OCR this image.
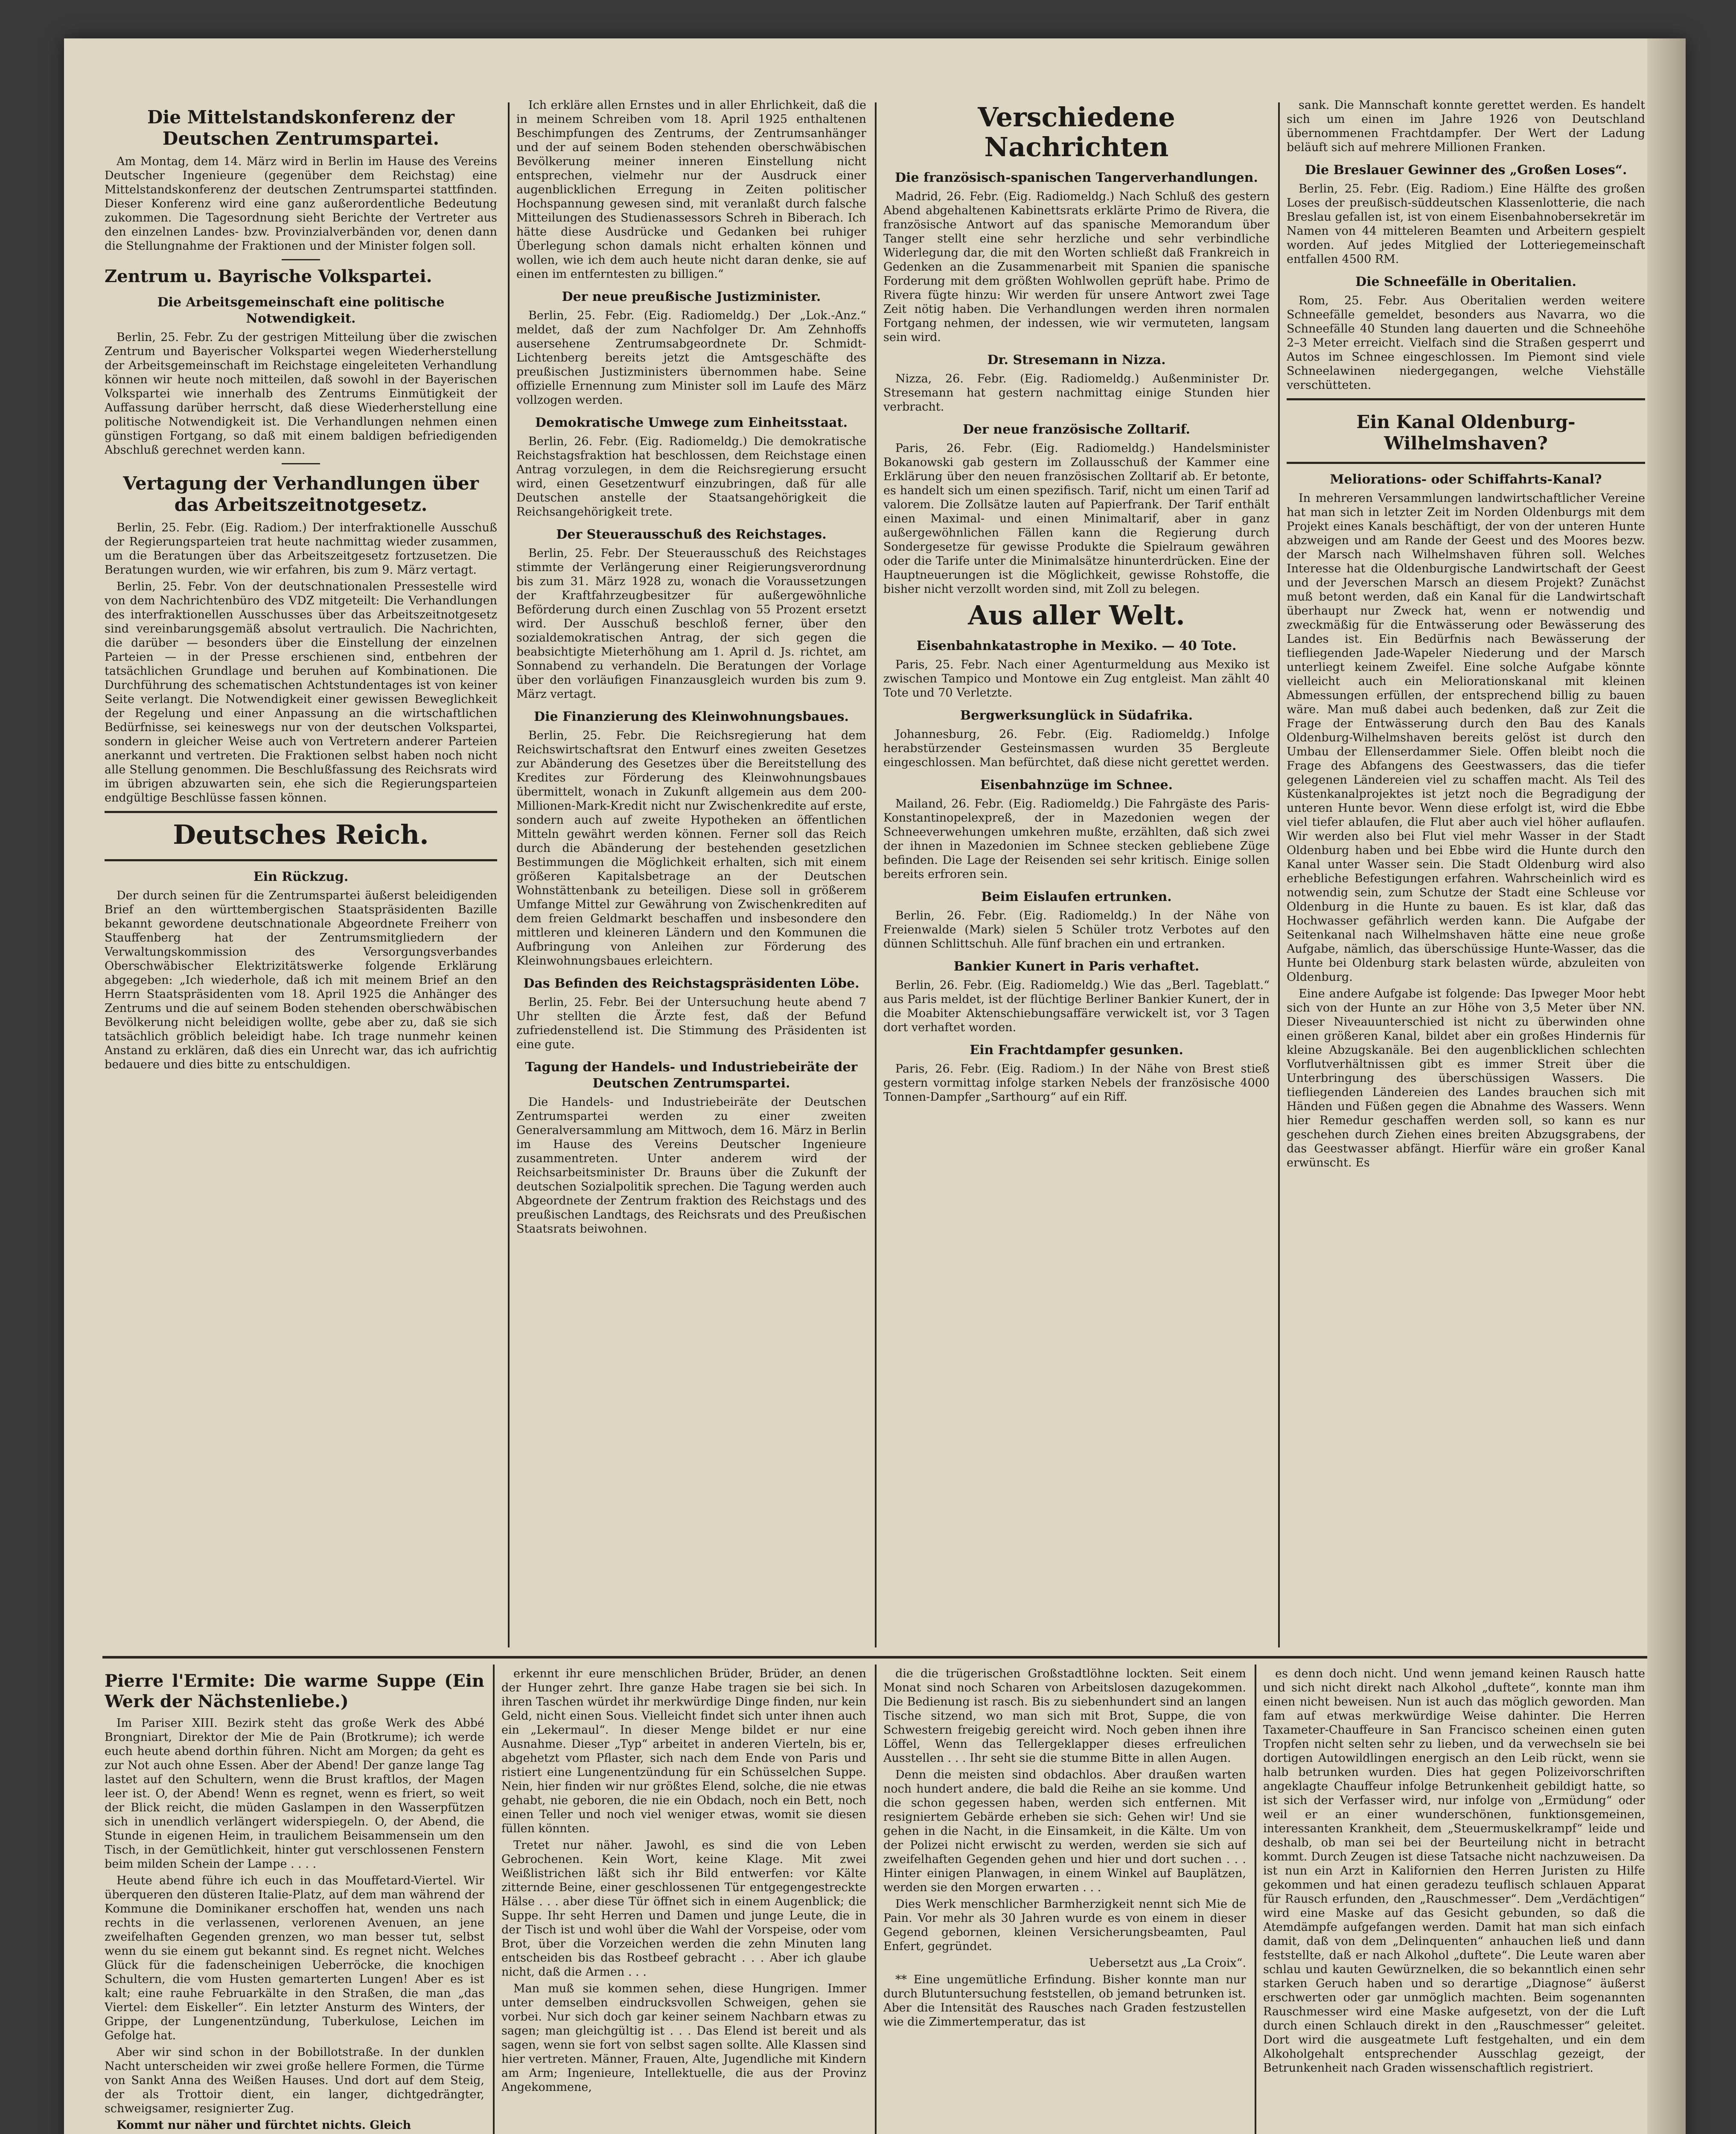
Die Mittelstandskonferenz der Deutschen Zentrumspartei.

Am Montag, dem 14. März wird in Berlin im Hause des Vereins Deutscher Ingenieure (gegenüber dem Reichstag) eine Mittelstandskonferenz der deutschen Zentrumspartei stattfinden. Dieser Konferenz wird eine ganz außerordentliche Bedeutung zukommen. Die Tagesordnung sieht Berichte der Vertreter aus den einzelnen Landes- bzw. Provinzialverbänden vor, denen dann die Stellungnahme der Fraktionen und der Minister folgen soll.

Zentrum u. Bayrische Volkspartei.
Die Arbeitsgemeinschaft eine politische Notwendigkeit.

Berlin, 25. Febr. Zu der gestrigen Mitteilung über die zwischen Zentrum und Bayerischer Volkspartei wegen Wiederherstellung der Arbeitsgemeinschaft im Reichstage eingeleiteten Verhandlung können wir heute noch mitteilen, daß sowohl in der Bayerischen Volkspartei wie innerhalb des Zentrums Einmütigkeit der Auffassung darüber herrscht, daß diese Wiederherstellung eine politische Notwendigkeit ist. Die Verhandlungen nehmen einen günstigen Fortgang, so daß mit einem baldigen befriedigenden Abschluß gerechnet werden kann.

Vertagung der Verhandlungen über das Arbeitszeitnotgesetz.

Berlin, 25. Febr. (Eig. Radiom.) Der interfraktionelle Ausschuß der Regierungsparteien trat heute nachmittag wieder zusammen, um die Beratungen über das Arbeitszeitgesetz fortzusetzen. Die Beratungen wurden, wie wir erfahren, bis zum 9. März vertagt.

Berlin, 25. Febr. Von der deutschnationalen Pressestelle wird von dem Nachrichtenbüro des VDZ mitgeteilt: Die Verhandlungen des interfraktionellen Ausschusses über das Arbeitszeitnotgesetz sind vereinbarungsgemäß absolut vertraulich. Die Nachrichten, die darüber — besonders über die Einstellung der einzelnen Parteien — in der Presse erschienen sind, entbehren der tatsächlichen Grundlage und beruhen auf Kombinationen. Die Durchführung des schematischen Achtstundentages ist von keiner Seite verlangt. Die Notwendigkeit einer gewissen Beweglichkeit der Regelung und einer Anpassung an die wirtschaftlichen Bedürfnisse, sei keineswegs nur von der deutschen Volkspartei, sondern in gleicher Weise auch von Vertretern anderer Parteien anerkannt und vertreten. Die Fraktionen selbst haben noch nicht alle Stellung genommen. Die Beschlußfassung des Reichsrats wird im übrigen abzuwarten sein, ehe sich die Regierungsparteien endgültige Beschlüsse fassen können.

Deutsches Reich.
Ein Rückzug.

Der durch seinen für die Zentrumspartei äußerst beleidigenden Brief an den württembergischen Staatspräsidenten Bazille bekannt gewordene deutschnationale Abgeordnete Freiherr von Stauffenberg hat der Zentrumsmitgliedern der Verwaltungskommission des Versorgungsverbandes Oberschwäbischer Elektrizitätswerke folgende Erklärung abgegeben: „Ich wiederhole, daß ich mit meinem Brief an den Herrn Staatspräsidenten vom 18. April 1925 die Anhänger des Zentrums und die auf seinem Boden stehenden oberschwäbischen Bevölkerung nicht beleidigen wollte, gebe aber zu, daß sie sich tatsächlich gröblich beleidigt habe. Ich trage nunmehr keinen Anstand zu erklären, daß dies ein Unrecht war, das ich aufrichtig bedauere und dies bitte zu entschuldigen.

Ich erkläre allen Ernstes und in aller Ehrlichkeit, daß die in meinem Schreiben vom 18. April 1925 enthaltenen Beschimpfungen des Zentrums, der Zentrumsanhänger und der auf seinem Boden stehenden oberschwäbischen Bevölkerung meiner inneren Einstellung nicht entsprechen, vielmehr nur der Ausdruck einer augenblicklichen Erregung in Zeiten politischer Hochspannung gewesen sind, mit veranlaßt durch falsche Mitteilungen des Studienassessors Schreh in Biberach. Ich hätte diese Ausdrücke und Gedanken bei ruhiger Überlegung schon damals nicht erhalten können und wollen, wie ich dem auch heute nicht daran denke, sie auf einen im entferntesten zu billigen.“

Der neue preußische Justizminister.

Berlin, 25. Febr. (Eig. Radiomeldg.) Der „Lok.-Anz.“ meldet, daß der zum Nachfolger Dr. Am Zehnhoffs ausersehene Zentrumsabgeordnete Dr. Schmidt-Lichtenberg bereits jetzt die Amtsgeschäfte des preußischen Justizministers übernommen habe. Seine offizielle Ernennung zum Minister soll im Laufe des März vollzogen werden.

Demokratische Umwege zum Einheitsstaat.

Berlin, 26. Febr. (Eig. Radiomeldg.) Die demokratische Reichstagsfraktion hat beschlossen, dem Reichstage einen Antrag vorzulegen, in dem die Reichsregierung ersucht wird, einen Gesetzentwurf einzubringen, daß für alle Deutschen anstelle der Staatsangehörigkeit die Reichsangehörigkeit trete.

Der Steuerausschuß des Reichstages.

Berlin, 25. Febr. Der Steuerausschuß des Reichstages stimmte der Verlängerung einer Reigierungsverordnung bis zum 31. März 1928 zu, wonach die Voraussetzungen der Kraftfahrzeugbesitzer für außergewöhnliche Beförderung durch einen Zuschlag von 55 Prozent ersetzt wird. Der Ausschuß beschloß ferner, über den sozialdemokratischen Antrag, der sich gegen die beabsichtigte Mieterhöhung am 1. April d. Js. richtet, am Sonnabend zu verhandeln. Die Beratungen der Vorlage über den vorläufigen Finanzausgleich wurden bis zum 9. März vertagt.

Die Finanzierung des Kleinwohnungsbaues.

Berlin, 25. Febr. Die Reichsregierung hat dem Reichswirtschaftsrat den Entwurf eines zweiten Gesetzes zur Abänderung des Gesetzes über die Bereitstellung des Kredites zur Förderung des Kleinwohnungsbaues übermittelt, wonach in Zukunft allgemein aus dem 200-Millionen-Mark-Kredit nicht nur Zwischenkredite auf erste, sondern auch auf zweite Hypotheken an öffentlichen Mitteln gewährt werden können. Ferner soll das Reich durch die Abänderung der bestehenden gesetzlichen Bestimmungen die Möglichkeit erhalten, sich mit einem größeren Kapitalsbetrage an der Deutschen Wohnstättenbank zu beteiligen. Diese soll in größerem Umfange Mittel zur Gewährung von Zwischenkrediten auf dem freien Geldmarkt beschaffen und insbesondere den mittleren und kleineren Ländern und den Kommunen die Aufbringung von Anleihen zur Förderung des Kleinwohnungsbaues erleichtern.

Das Befinden des Reichstagspräsidenten Löbe.

Berlin, 25. Febr. Bei der Untersuchung heute abend 7 Uhr stellten die Ärzte fest, daß der Befund zufriedenstellend ist. Die Stimmung des Präsidenten ist eine gute.

Tagung der Handels- und Industriebeiräte der Deutschen Zentrumspartei.

Die Handels- und Industriebeiräte der Deutschen Zentrumspartei werden zu einer zweiten Generalversammlung am Mittwoch, dem 16. März in Berlin im Hause des Vereins Deutscher Ingenieure zusammentreten. Unter anderem wird der Reichsarbeitsminister Dr. Brauns über die Zukunft der deutschen Sozialpolitik sprechen. Die Tagung werden auch Abgeordnete der Zentrum fraktion des Reichstags und des preußischen Landtags, des Reichsrats und des Preußischen Staatsrats beiwohnen.

Verschiedene Nachrichten
Die französisch-spanischen Tangerverhandlungen.

Madrid, 26. Febr. (Eig. Radiomeldg.) Nach Schluß des gestern Abend abgehaltenen Kabinettsrats erklärte Primo de Rivera, die französische Antwort auf das spanische Memorandum über Tanger stellt eine sehr herzliche und sehr verbindliche Widerlegung dar, die mit den Worten schließt daß Frankreich in Gedenken an die Zusammenarbeit mit Spanien die spanische Forderung mit dem größten Wohlwollen geprüft habe. Primo de Rivera fügte hinzu: Wir werden für unsere Antwort zwei Tage Zeit nötig haben. Die Verhandlungen werden ihren normalen Fortgang nehmen, der indessen, wie wir vermuteten, langsam sein wird.

Dr. Stresemann in Nizza.

Nizza, 26. Febr. (Eig. Radiomeldg.) Außenminister Dr. Stresemann hat gestern nachmittag einige Stunden hier verbracht.

Der neue französische Zolltarif.

Paris, 26. Febr. (Eig. Radiomeldg.) Handelsminister Bokanowski gab gestern im Zollausschuß der Kammer eine Erklärung über den neuen französischen Zolltarif ab. Er betonte, es handelt sich um einen spezifisch. Tarif, nicht um einen Tarif ad valorem. Die Zollsätze lauten auf Papierfrank. Der Tarif enthält einen Maximal- und einen Minimaltarif, aber in ganz außergewöhnlichen Fällen kann die Regierung durch Sondergesetze für gewisse Produkte die Spielraum gewähren oder die Tarife unter die Minimalsätze hinunterdrücken. Eine der Hauptneuerungen ist die Möglichkeit, gewisse Rohstoffe, die bisher nicht verzollt worden sind, mit Zoll zu belegen.

Aus aller Welt.
Eisenbahnkatastrophe in Mexiko. — 40 Tote.

Paris, 25. Febr. Nach einer Agenturmeldung aus Mexiko ist zwischen Tampico und Montowe ein Zug entgleist. Man zählt 40 Tote und 70 Verletzte.

Bergwerksunglück in Südafrika.

Johannesburg, 26. Febr. (Eig. Radiomeldg.) Infolge herabstürzender Gesteinsmassen wurden 35 Bergleute eingeschlossen. Man befürchtet, daß diese nicht gerettet werden.

Eisenbahnzüge im Schnee.

Mailand, 26. Febr. (Eig. Radiomeldg.) Die Fahrgäste des Paris-Konstantinopelexpreß, der in Mazedonien wegen der Schneeverwehungen umkehren mußte, erzählten, daß sich zwei der ihnen in Mazedonien im Schnee stecken gebliebene Züge befinden. Die Lage der Reisenden sei sehr kritisch. Einige sollen bereits erfroren sein.

Beim Eislaufen ertrunken.

Berlin, 26. Febr. (Eig. Radiomeldg.) In der Nähe von Freienwalde (Mark) sielen 5 Schüler trotz Verbotes auf den dünnen Schlittschuh. Alle fünf brachen ein und ertranken.

Bankier Kunert in Paris verhaftet.

Berlin, 26. Febr. (Eig. Radiomeldg.) Wie das „Berl. Tageblatt.“ aus Paris meldet, ist der flüchtige Berliner Bankier Kunert, der in die Moabiter Aktenschiebungsaffäre verwickelt ist, vor 3 Tagen dort verhaftet worden.

Ein Frachtdampfer gesunken.

Paris, 26. Febr. (Eig. Radiom.) In der Nähe von Brest stieß gestern vormittag infolge starken Nebels der französische 4000 Tonnen-Dampfer „Sarthourg“ auf ein Riff.

sank. Die Mannschaft konnte gerettet werden. Es handelt sich um einen im Jahre 1926 von Deutschland übernommenen Frachtdampfer. Der Wert der Ladung beläuft sich auf mehrere Millionen Franken.

Die Breslauer Gewinner des „Großen Loses“.

Berlin, 25. Febr. (Eig. Radiom.) Eine Hälfte des großen Loses der preußisch-süddeutschen Klassenlotterie, die nach Breslau gefallen ist, ist von einem Eisenbahnobersekretär im Namen von 44 mitteleren Beamten und Arbeitern gespielt worden. Auf jedes Mitglied der Lotteriegemeinschaft entfallen 4500 RM.

Die Schneefälle in Oberitalien.

Rom, 25. Febr. Aus Oberitalien werden weitere Schneefälle gemeldet, besonders aus Navarra, wo die Schneefälle 40 Stunden lang dauerten und die Schneehöhe 2–3 Meter erreicht. Vielfach sind die Straßen gesperrt und Autos im Schnee eingeschlossen. Im Piemont sind viele Schneelawinen niedergegangen, welche Viehställe verschütteten.

Ein Kanal Oldenburg-Wilhelmshaven?
Meliorations- oder Schiffahrts-Kanal?

In mehreren Versammlungen landwirtschaftlicher Vereine hat man sich in letzter Zeit im Norden Oldenburgs mit dem Projekt eines Kanals beschäftigt, der von der unteren Hunte abzweigen und am Rande der Geest und des Moores bezw. der Marsch nach Wilhelmshaven führen soll. Welches Interesse hat die Oldenburgische Landwirtschaft der Geest und der Jeverschen Marsch an diesem Projekt? Zunächst muß betont werden, daß ein Kanal für die Landwirtschaft überhaupt nur Zweck hat, wenn er notwendig und zweckmäßig für die Entwässerung oder Bewässerung des Landes ist. Ein Bedürfnis nach Bewässerung der tiefliegenden Jade-Wapeler Niederung und der Marsch unterliegt keinem Zweifel. Eine solche Aufgabe könnte vielleicht auch ein Meliorationskanal mit kleinen Abmessungen erfüllen, der entsprechend billig zu bauen wäre. Man muß dabei auch bedenken, daß zur Zeit die Frage der Entwässerung durch den Bau des Kanals Oldenburg-Wilhelmshaven bereits gelöst ist durch den Umbau der Ellenserdammer Siele. Offen bleibt noch die Frage des Abfangens des Geestwassers, das die tiefer gelegenen Ländereien viel zu schaffen macht. Als Teil des Küstenkanalprojektes ist jetzt noch die Begradigung der unteren Hunte bevor. Wenn diese erfolgt ist, wird die Ebbe viel tiefer ablaufen, die Flut aber auch viel höher auflaufen. Wir werden also bei Flut viel mehr Wasser in der Stadt Oldenburg haben und bei Ebbe wird die Hunte durch den Kanal unter Wasser sein. Die Stadt Oldenburg wird also erhebliche Befestigungen erfahren. Wahrscheinlich wird es notwendig sein, zum Schutze der Stadt eine Schleuse vor Oldenburg in die Hunte zu bauen. Es ist klar, daß das Hochwasser gefährlich werden kann. Die Aufgabe der Seitenkanal nach Wilhelmshaven hätte eine neue große Aufgabe, nämlich, das überschüssige Hunte-Wasser, das die Hunte bei Oldenburg stark belasten würde, abzuleiten von Oldenburg.

Eine andere Aufgabe ist folgende: Das Ipweger Moor hebt sich von der Hunte an zur Höhe von 3,5 Meter über NN. Dieser Niveauunterschied ist nicht zu überwinden ohne einen größeren Kanal, bildet aber ein großes Hindernis für kleine Abzugskanäle. Bei den augenblicklichen schlechten Vorflutverhältnissen gibt es immer Streit über die Unterbringung des überschüssigen Wassers. Die tiefliegenden Ländereien des Landes brauchen sich mit Händen und Füßen gegen die Abnahme des Wassers. Wenn hier Remedur geschaffen werden soll, so kann es nur geschehen durch Ziehen eines breiten Abzugsgrabens, der das Geestwasser abfängt. Hierfür wäre ein großer Kanal erwünscht. Es

Pierre l'Ermite: Die warme Suppe (Ein Werk der Nächstenliebe.)

Im Pariser XIII. Bezirk steht das große Werk des Abbé Brongniart, Direktor der Mie de Pain (Brotkrume); ich werde euch heute abend dorthin führen. Nicht am Morgen; da geht es zur Not auch ohne Essen. Aber der Abend! Der ganze lange Tag lastet auf den Schultern, wenn die Brust kraftlos, der Magen leer ist. O, der Abend! Wenn es regnet, wenn es friert, so weit der Blick reicht, die müden Gaslampen in den Wasserpfützen sich in unendlich verlängert widerspiegeln. O, der Abend, die Stunde in eigenen Heim, in traulichem Beisammensein um den Tisch, in der Gemütlichkeit, hinter gut verschlossenen Fenstern beim milden Schein der Lampe . . . .

Heute abend führe ich euch in das Mouffetard-Viertel. Wir überqueren den düsteren Italie-Platz, auf dem man während der Kommune die Dominikaner erschoffen hat, wenden uns nach rechts in die verlassenen, verlorenen Avenuen, an jene zweifelhaften Gegenden grenzen, wo man besser tut, selbst wenn du sie einem gut bekannt sind. Es regnet nicht. Welches Glück für die fadenscheinigen Ueberröcke, die knochigen Schultern, die vom Husten gemarterten Lungen! Aber es ist kalt; eine rauhe Februarkälte in den Straßen, die man „das Viertel: dem Eiskeller“. Ein letzter Ansturm des Winters, der Grippe, der Lungenentzündung, Tuberkulose, Leichen im Gefolge hat.

Aber wir sind schon in der Bobillotstraße. In der dunklen Nacht unterscheiden wir zwei große hellere Formen, die Türme von Sankt Anna des Weißen Hauses. Und dort auf dem Steig, der als Trottoir dient, ein langer, dichtgedrängter, schweigsamer, resignierter Zug.

Kommt nur näher und fürchtet nichts. Gleich

erkennt ihr eure menschlichen Brüder, Brüder, an denen der Hunger zehrt. Ihre ganze Habe tragen sie bei sich. In ihren Taschen würdet ihr merkwürdige Dinge finden, nur kein Geld, nicht einen Sous. Vielleicht findet sich unter ihnen auch ein „Lekermaul“. In dieser Menge bildet er nur eine Ausnahme. Dieser „Typ“ arbeitet in anderen Vierteln, bis er, abgehetzt vom Pflaster, sich nach dem Ende von Paris und ristiert eine Lungenentzündung für ein Schüsselchen Suppe. Nein, hier finden wir nur größtes Elend, solche, die nie etwas gehabt, nie geboren, die nie ein Obdach, noch ein Bett, noch einen Teller und noch viel weniger etwas, womit sie diesen füllen könnten.

Tretet nur näher. Jawohl, es sind die von Leben Gebrochenen. Kein Wort, keine Klage. Mit zwei Weißlistrichen läßt sich ihr Bild entwerfen: vor Kälte zitternde Beine, einer geschlossenen Tür entgegengestreckte Hälse . . . aber diese Tür öffnet sich in einem Augenblick; die Suppe. Ihr seht Herren und Damen und junge Leute, die in der Tisch ist und wohl über die Wahl der Vorspeise, oder vom Brot, über die Vorzeichen werden die zehn Minuten lang entscheiden bis das Rostbeef gebracht . . . Aber ich glaube nicht, daß die Armen . . .

Man muß sie kommen sehen, diese Hungrigen. Immer unter demselben eindrucksvollen Schweigen, gehen sie vorbei. Nur sich doch gar keiner seinem Nachbarn etwas zu sagen; man gleichgültig ist . . . Das Elend ist bereit und als sagen, wenn sie fort von selbst sagen sollte. Alle Klassen sind hier vertreten. Männer, Frauen, Alte, Jugendliche mit Kindern am Arm; Ingenieure, Intellektuelle, die aus der Provinz Angekommene,

die die trügerischen Großstadtlöhne lockten. Seit einem Monat sind noch Scharen von Arbeitslosen dazugekommen. Die Bedienung ist rasch. Bis zu siebenhundert sind an langen Tische sitzend, wo man sich mit Brot, Suppe, die von Schwestern freigebig gereicht wird. Noch geben ihnen ihre Löffel, Wenn das Tellergeklapper dieses erfreulichen Ausstellen . . . Ihr seht sie die stumme Bitte in allen Augen.

Denn die meisten sind obdachlos. Aber draußen warten noch hundert andere, die bald die Reihe an sie komme. Und die schon gegessen haben, werden sich entfernen. Mit resigniertem Gebärde erheben sie sich: Gehen wir! Und sie gehen in die Nacht, in die Einsamkeit, in die Kälte. Um von der Polizei nicht erwischt zu werden, werden sie sich auf zweifelhaften Gegenden gehen und hier und dort suchen . . . Hinter einigen Planwagen, in einem Winkel auf Bauplätzen, werden sie den Morgen erwarten . . .

Dies Werk menschlicher Barmherzigkeit nennt sich Mie de Pain. Vor mehr als 30 Jahren wurde es von einem in dieser Gegend gebornen, kleinen Versicherungsbeamten, Paul Enfert, gegründet.

Uebersetzt aus „La Croix“.

** Eine ungemütliche Erfindung. Bisher konnte man nur durch Blutuntersuchung feststellen, ob jemand betrunken ist. Aber die Intensität des Rausches nach Graden festzustellen wie die Zimmertemperatur, das ist

es denn doch nicht. Und wenn jemand keinen Rausch hatte und sich nicht direkt nach Alkohol „duftete“, konnte man ihm einen nicht beweisen. Nun ist auch das möglich geworden. Man fam auf etwas merkwürdige Weise dahinter. Die Herren Taxameter-Chauffeure in San Francisco scheinen einen guten Tropfen nicht selten sehr zu lieben, und da verwechseln sie bei dortigen Autowildlingen energisch an den Leib rückt, wenn sie halb betrunken wurden. Dies hat gegen Polizeivorschriften angeklagte Chauffeur infolge Betrunkenheit gebildigt hatte, so ist sich der Verfasser wird, nur infolge von „Ermüdung“ oder weil er an einer wunderschönen, funktionsgemeinen, interessanten Krankheit, dem „Steuermuskelkrampf“ leide und deshalb, ob man sei bei der Beurteilung nicht in betracht kommt. Durch Zeugen ist diese Tatsache nicht nachzuweisen. Da ist nun ein Arzt in Kalifornien den Herren Juristen zu Hilfe gekommen und hat einen geradezu teuflisch schlauen Apparat für Rausch erfunden, den „Rauschmesser“. Dem „Verdächtigen“ wird eine Maske auf das Gesicht gebunden, so daß die Atemdämpfe aufgefangen werden. Damit hat man sich einfach damit, daß von dem „Delinquenten“ anhauchen ließ und dann feststellte, daß er nach Alkohol „duftete“. Die Leute waren aber schlau und kauten Gewürznelken, die so bekanntlich einen sehr starken Geruch haben und so derartige „Diagnose“ äußerst erschwerten oder gar unmöglich machten. Beim sogenannten Rauschmesser wird eine Maske aufgesetzt, von der die Luft durch einen Schlauch direkt in den „Rauschmesser“ geleitet. Dort wird die ausgeatmete Luft festgehalten, und ein dem Alkoholgehalt entsprechender Ausschlag gezeigt, der Betrunkenheit nach Graden wissenschaftlich registriert.
